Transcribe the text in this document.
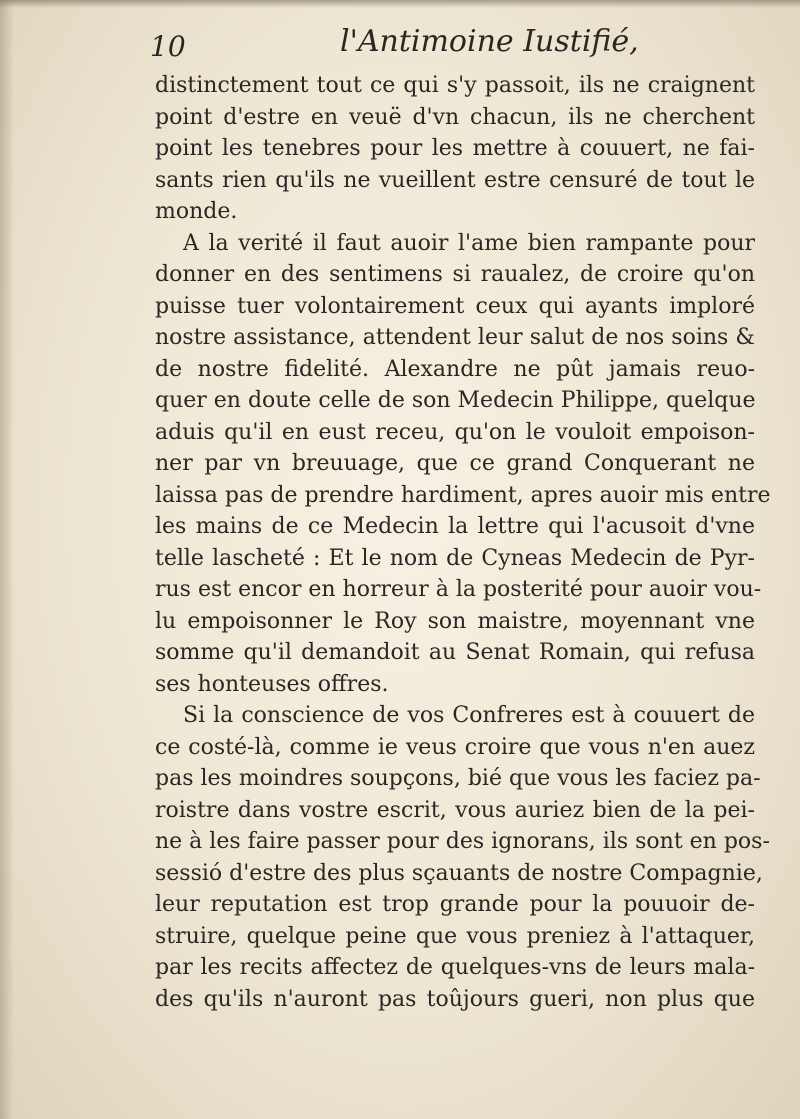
10	l'Antimoine Iustifié,
distinctement tout ce qui s'y passoit, ils ne craignent
point d'estre en veuë d'vn chacun, ils ne cherchent
point les tenebres pour les mettre à couuert, ne fai-
sants rien qu'ils ne vueillent estre censuré de tout le
monde.
A la verité il faut auoir l'ame bien rampante pour
donner en des sentimens si raualez, de croire qu'on
puisse tuer volontairement ceux qui ayants imploré
nostre assistance, attendent leur salut de nos soins &
de nostre fidelité. Alexandre ne pût jamais reuo-
quer en doute celle de son Medecin Philippe, quelque
aduis qu'il en eust receu, qu'on le vouloit empoison-
ner par vn breuuage, que ce grand Conquerant ne
laissa pas de prendre hardiment, apres auoir mis entre
les mains de ce Medecin la lettre qui l'acusoit d'vne
telle lascheté : Et le nom de Cyneas Medecin de Pyr-
rus est encor en horreur à la posterité pour auoir vou-
lu empoisonner le Roy son maistre, moyennant vne
somme qu'il demandoit au Senat Romain, qui refusa
ses honteuses offres.
Si la conscience de vos Confreres est à couuert de
ce costé-là, comme ie veus croire que vous n'en auez
pas les moindres soupçons, bié que vous les faciez pa-
roistre dans vostre escrit, vous auriez bien de la pei-
ne à les faire passer pour des ignorans, ils sont en pos-
sessió d'estre des plus sçauants de nostre Compagnie,
leur reputation est trop grande pour la pouuoir de-
struire, quelque peine que vous preniez à l'attaquer,
par les recits affectez de quelques-vns de leurs mala-
des qu'ils n'auront pas toûjours gueri, non plus que
